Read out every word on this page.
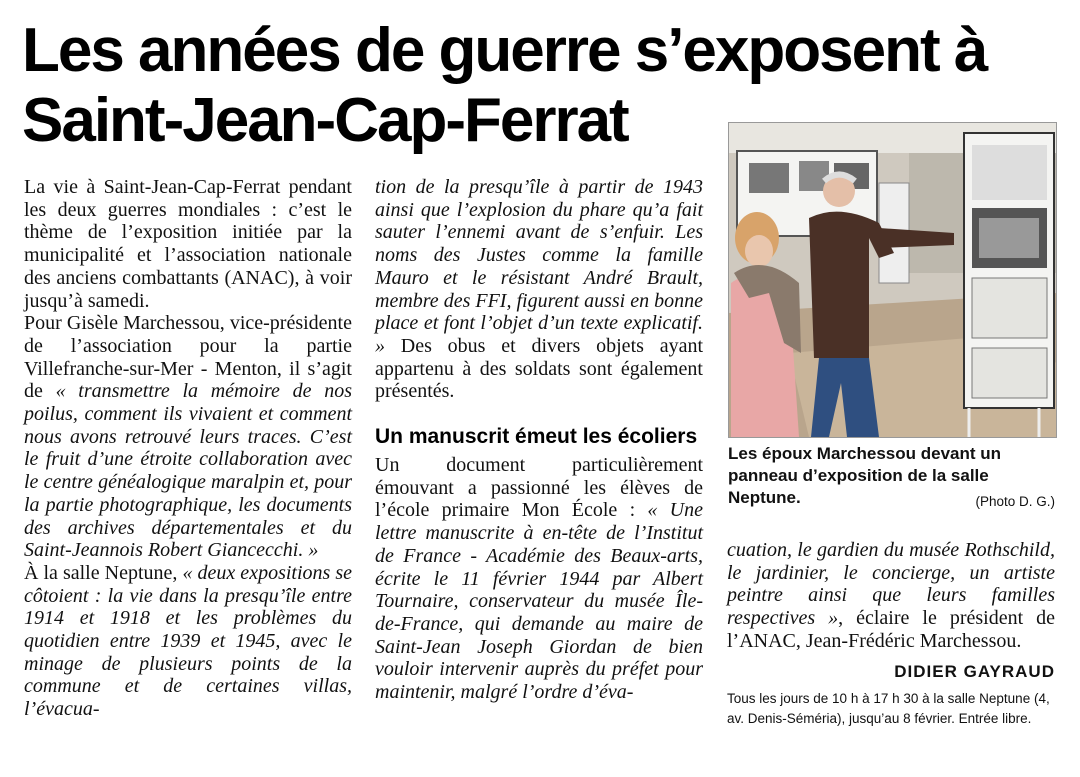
Les années de guerre s’exposent à Saint-Jean-Cap-Ferrat

La vie à Saint-Jean-Cap-Ferrat pendant les deux guerres mondiales : c’est le thème de l’exposition initiée par la municipalité et l’association nationale des anciens combattants (ANAC), à voir jusqu’à samedi.

Pour Gisèle Marchessou, vice-présidente de l’association pour la partie Villefranche-sur-Mer - Menton, il s’agit de « transmettre la mémoire de nos poilus, comment ils vivaient et comment nous avons retrouvé leurs traces. C’est le fruit d’une étroite collaboration avec le centre généalogique maralpin et, pour la partie photographique, les documents des archives départementales et du Saint-Jeannois Robert Giancecchi. »

À la salle Neptune, « deux expositions se côtoient : la vie dans la presqu’île entre 1914 et 1918 et les problèmes du quotidien entre 1939 et 1945, avec le minage de plusieurs points de la commune et de certaines villas, l’évacua-

tion de la presqu’île à partir de 1943 ainsi que l’explosion du phare qu’a fait sauter l’ennemi avant de s’enfuir. Les noms des Justes comme la famille Mauro et le résistant André Brault, membre des FFI, figurent aussi en bonne place et font l’objet d’un texte explicatif. » Des obus et divers objets ayant appartenu à des soldats sont également présentés.

Un manuscrit émeut les écoliers

Un document particulièrement émouvant a passionné les élèves de l’école primaire Mon École : « Une lettre manuscrite à en-tête de l’Institut de France - Académie des Beaux-arts, écrite le 11 février 1944 par Albert Tournaire, conservateur du musée Île-de-France, qui demande au maire de Saint-Jean Joseph Giordan de bien vouloir intervenir auprès du préfet pour maintenir, malgré l’ordre d’éva-

Les époux Marchessou devant un panneau d’exposition de la salle Neptune.	(Photo D. G.)

cuation, le gardien du musée Rothschild, le jardinier, le concierge, un artiste peintre ainsi que leurs familles respectives », éclaire le président de l’ANAC, Jean-Frédéric Marchessou.

DIDIER GAYRAUD

Tous les jours de 10 h à 17 h 30 à la salle Neptune (4, av. Denis-Séméria), jusqu’au 8 février. Entrée libre.
